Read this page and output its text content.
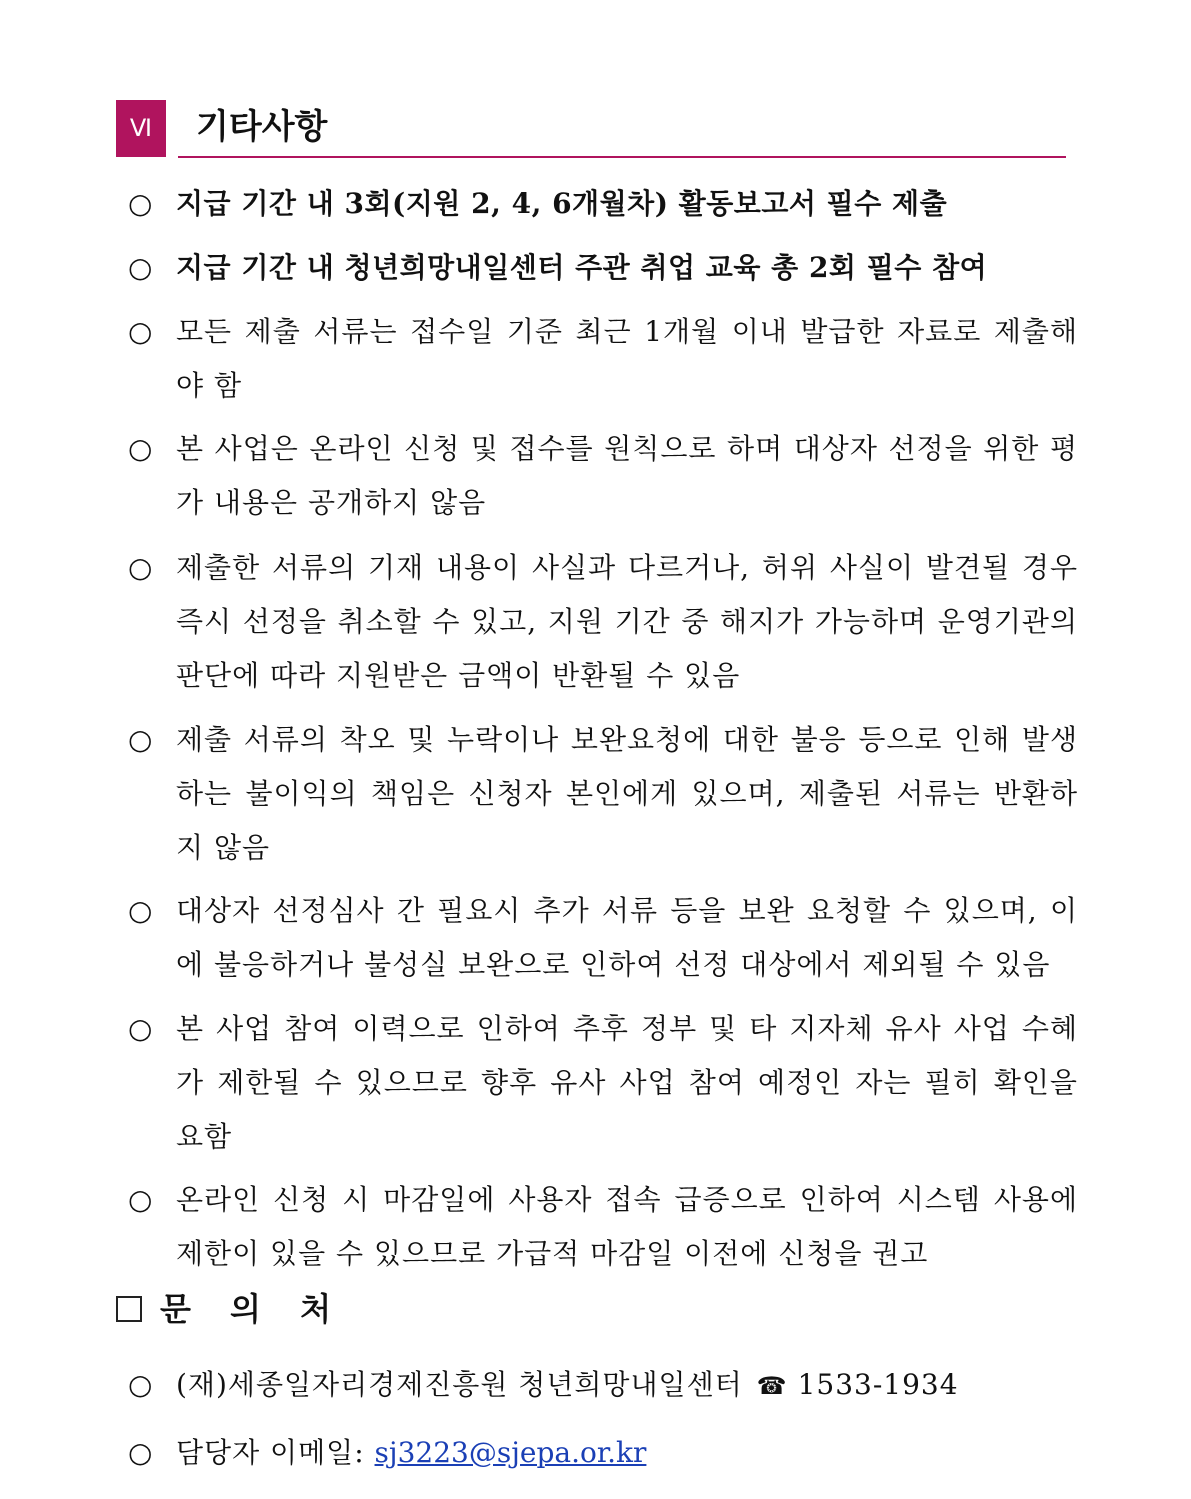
Ⅵ	기타사항
○ 지급 기간 내 3회(지원 2, 4, 6개월차) 활동보고서 필수 제출
○ 지급 기간 내 청년희망내일센터 주관 취업 교육 총 2회 필수 참여
○ 모든 제출 서류는 접수일 기준 최근 1개월 이내 발급한 자료로 제출해야 함
○ 본 사업은 온라인 신청 및 접수를 원칙으로 하며 대상자 선정을 위한 평가 내용은 공개하지 않음
○ 제출한 서류의 기재 내용이 사실과 다르거나, 허위 사실이 발견될 경우 즉시 선정을 취소할 수 있고, 지원 기간 중 해지가 가능하며 운영기관의 판단에 따라 지원받은 금액이 반환될 수 있음
○ 제출 서류의 착오 및 누락이나 보완요청에 대한 불응 등으로 인해 발생하는 불이익의 책임은 신청자 본인에게 있으며, 제출된 서류는 반환하지 않음
○ 대상자 선정심사 간 필요시 추가 서류 등을 보완 요청할 수 있으며, 이에 불응하거나 불성실 보완으로 인하여 선정 대상에서 제외될 수 있음
○ 본 사업 참여 이력으로 인하여 추후 정부 및 타 지자체 유사 사업 수혜가 제한될 수 있으므로 향후 유사 사업 참여 예정인 자는 필히 확인을 요함
○ 온라인 신청 시 마감일에 사용자 접속 급증으로 인하여 시스템 사용에 제한이 있을 수 있으므로 가급적 마감일 이전에 신청을 권고
문 의 처
○ (재)세종일자리경제진흥원 청년희망내일센터 ☎ 1533-1934
○ 담당자 이메일: sj3223@sjepa.or.kr
